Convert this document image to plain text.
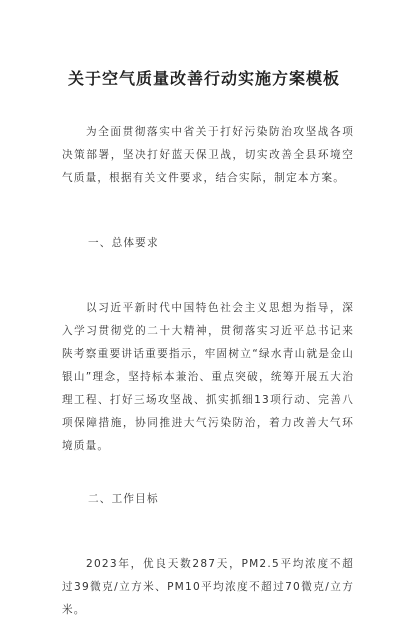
关于空气质量改善行动实施方案模板

为全面贯彻落实中省关于打好污染防治攻坚战各项决策部署，坚决打好蓝天保卫战，切实改善全县环境空气质量，根据有关文件要求，结合实际，制定本方案。

一、总体要求

以习近平新时代中国特色社会主义思想为指导，深入学习贯彻党的二十大精神，贯彻落实习近平总书记来陕考察重要讲话重要指示，牢固树立“绿水青山就是金山银山”理念，坚持标本兼治、重点突破，统筹开展五大治理工程、打好三场攻坚战、抓实抓细13项行动、完善八项保障措施，协同推进大气污染防治，着力改善大气环境质量。

二、工作目标

2023年，优良天数287天，PM2.5平均浓度不超过39微克/立方米、PM10平均浓度不超过70微克/立方米。
